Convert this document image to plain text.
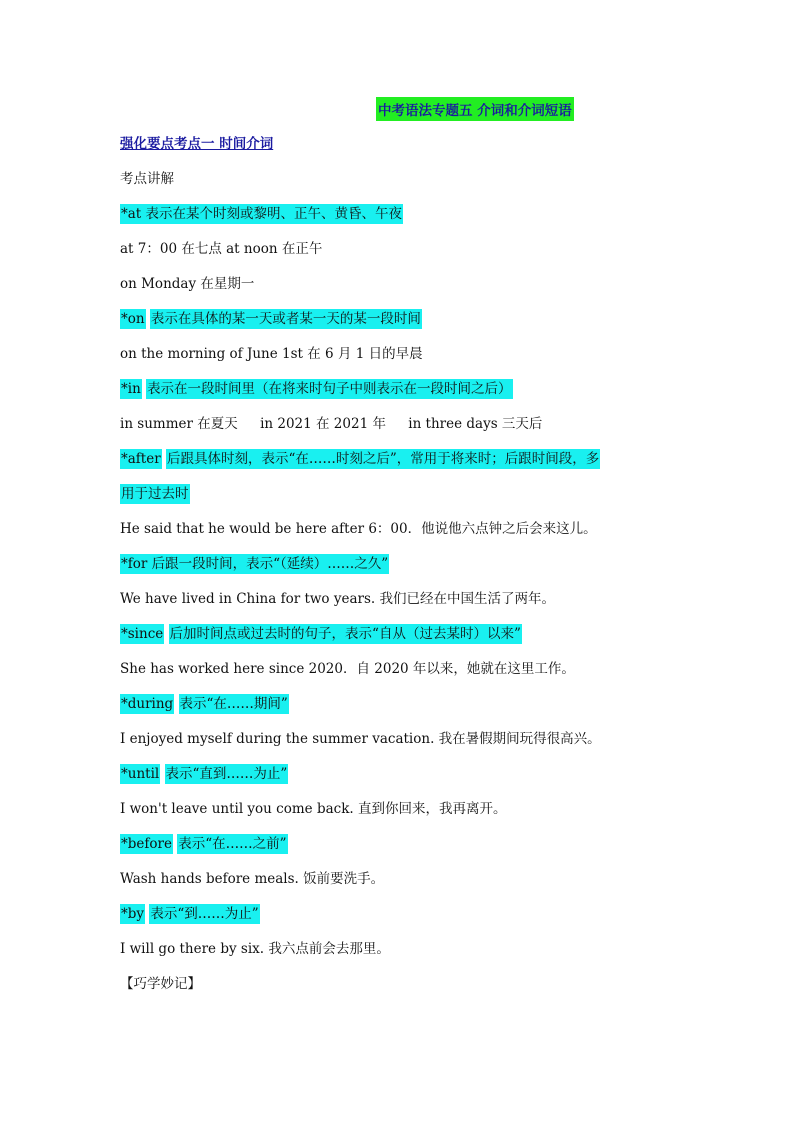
中考语法专题五 介词和介词短语
强化要点考点一 时间介词
考点讲解
*at 表示在某个时刻或黎明、正午、黄昏、午夜
at 7：00 在七点 at noon 在正午
on Monday 在星期一
*on 表示在具体的某一天或者某一天的某一段时间
on the morning of June 1st 在 6 月 1 日的早晨
*in 表示在一段时间里（在将来时句子中则表示在一段时间之后）
in summer 在夏天 in 2021 在 2021 年 in three days 三天后
*after 后跟具体时刻，表示“在……时刻之后”，常用于将来时；后跟时间段，多
用于过去时
He said that he would be here after 6：00．他说他六点钟之后会来这儿。
*for 后跟一段时间，表示“（延续）……之久”
We have lived in China for two years. 我们已经在中国生活了两年。
*since 后加时间点或过去时的句子，表示“自从（过去某时）以来”
She has worked here since 2020．自 2020 年以来，她就在这里工作。
*during 表示“在……期间”
I enjoyed myself during the summer vacation. 我在暑假期间玩得很高兴。
*until 表示“直到……为止”
I won't leave until you come back. 直到你回来，我再离开。
*before 表示“在……之前”
Wash hands before meals. 饭前要洗手。
*by 表示“到……为止”
I will go there by six. 我六点前会去那里。
【巧学妙记】
